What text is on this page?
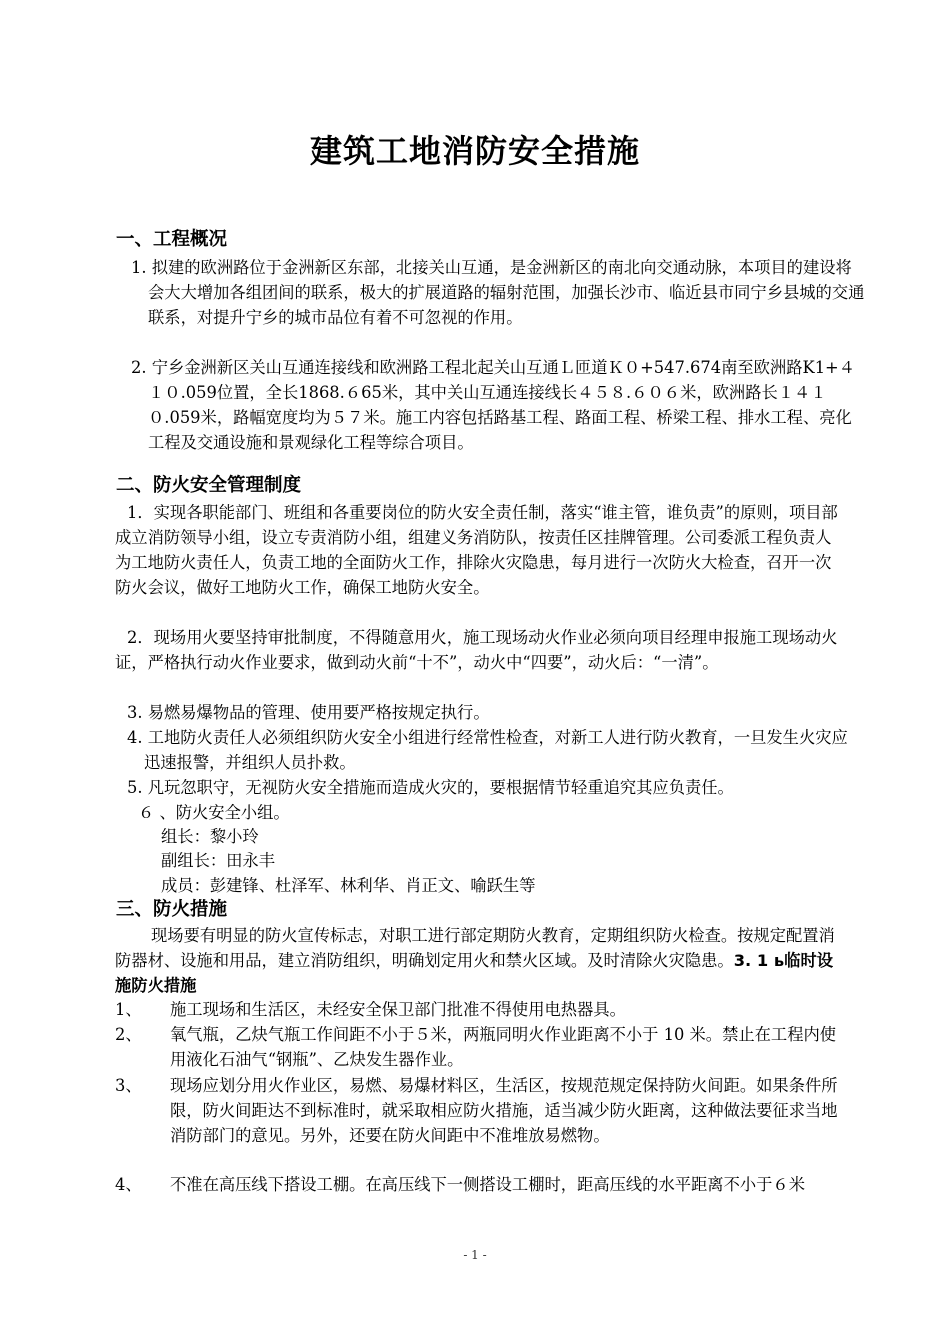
建筑工地消防安全措施
一、工程概况
1. 拟建的欧洲路位于金洲新区东部，北接关山互通，是金洲新区的南北向交通动脉，本项目的建设将会大大增加各组团间的联系，极大的扩展道路的辐射范围，加强长沙市、临近县市同宁乡县城的交通联系，对提升宁乡的城市品位有着不可忽视的作用。
2. 宁乡金洲新区关山互通连接线和欧洲路工程北起关山互通Ｌ匝道Ｋ０+547.674南至欧洲路K1+４１０.059位置，全长1868.６65米，其中关山互通连接线长４５８.６０６米，欧洲路长１４１０.059米，路幅宽度均为５７米。施工内容包括路基工程、路面工程、桥梁工程、排水工程、亮化工程及交通设施和景观绿化工程等综合项目。
二、防火安全管理制度
1．实现各职能部门、班组和各重要岗位的防火安全责任制，落实“谁主管，谁负责”的原则，项目部成立消防领导小组，设立专责消防小组，组建义务消防队，按责任区挂牌管理。公司委派工程负责人为工地防火责任人，负责工地的全面防火工作，排除火灾隐患，每月进行一次防火大检查，召开一次防火会议，做好工地防火工作，确保工地防火安全。
2．现场用火要坚持审批制度，不得随意用火，施工现场动火作业必须向项目经理申报施工现场动火证，严格执行动火作业要求，做到动火前“十不”，动火中“四要”，动火后：“一清”。
3. 易燃易爆物品的管理、使用要严格按规定执行。
4. 工地防火责任人必须组织防火安全小组进行经常性检查，对新工人进行防火教育，一旦发生火灾应迅速报警，并组织人员扑救。
5. 凡玩忽职守，无视防火安全措施而造成火灾的，要根据情节轻重追究其应负责任。
６ 、防火安全小组。
组长：黎小玲
副组长：田永丰
成员：彭建锋、杜泽军、林利华、肖正文、喻跃生等
三、防火措施
现场要有明显的防火宣传标志，对职工进行部定期防火教育，定期组织防火检查。按规定配置消防器材、设施和用品，建立消防组织，明确划定用火和禁火区域。及时清除火灾隐患。3. 1 ь临时设施防火措施
1、 施工现场和生活区，未经安全保卫部门批准不得使用电热器具。
2、 氧气瓶，乙炔气瓶工作间距不小于５米，两瓶同明火作业距离不小于 10 米。禁止在工程内使用液化石油气“钢瓶”、乙炔发生器作业。
3、 现场应划分用火作业区，易燃、易爆材料区，生活区，按规范规定保持防火间距。如果条件所限，防火间距达不到标准时，就采取相应防火措施，适当减少防火距离，这种做法要征求当地消防部门的意见。另外，还要在防火间距中不准堆放易燃物。
4、 不准在高压线下搭设工棚。在高压线下一侧搭设工棚时，距高压线的水平距离不小于６米
- 1 -
